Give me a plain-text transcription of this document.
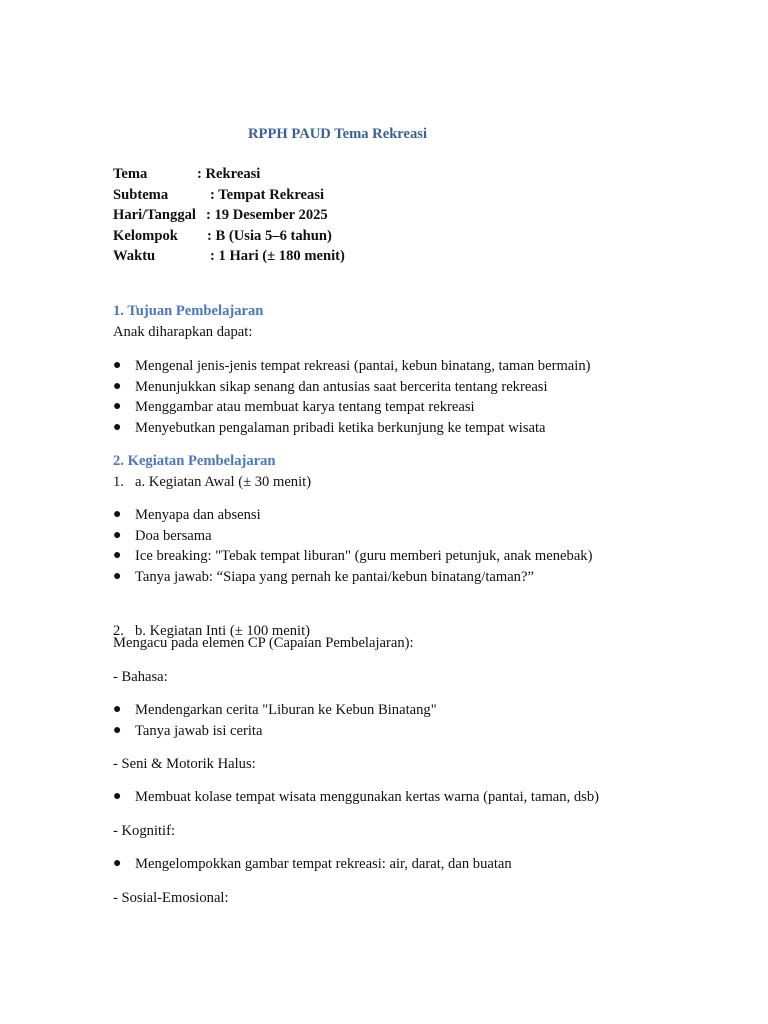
RPPH PAUD Tema Rekreasi
Tema	: Rekreasi
Subtema	: Tempat Rekreasi
Hari/Tanggal : 19 Desember 2025
Kelompok : B (Usia 5–6 tahun)
Waktu	: 1 Hari (± 180 menit)
1. Tujuan Pembelajaran

Anak diharapkan dapat:

● Mengenal jenis-jenis tempat rekreasi (pantai, kebun binatang, taman bermain)
● Menunjukkan sikap senang dan antusias saat bercerita tentang rekreasi
● Menggambar atau membuat karya tentang tempat rekreasi
● Menyebutkan pengalaman pribadi ketika berkunjung ke tempat wisata
2. Kegiatan Pembelajaran
1. a. Kegiatan Awal (± 30 menit)
● Menyapa dan absensi
● Doa bersama
● Ice breaking: "Tebak tempat liburan" (guru memberi petunjuk, anak menebak)
● Tanya jawab: “Siapa yang pernah ke pantai/kebun binatang/taman?”
2. b. Kegiatan Inti (± 100 menit)

Mengacu pada elemen CP (Capaian Pembelajaran):

- Bahasa:

● Mendengarkan cerita "Liburan ke Kebun Binatang"
● Tanya jawab isi cerita

- Seni & Motorik Halus:

● Membuat kolase tempat wisata menggunakan kertas warna (pantai, taman, dsb)

- Kognitif:

● Mengelompokkan gambar tempat rekreasi: air, darat, dan buatan

- Sosial-Emosional:
